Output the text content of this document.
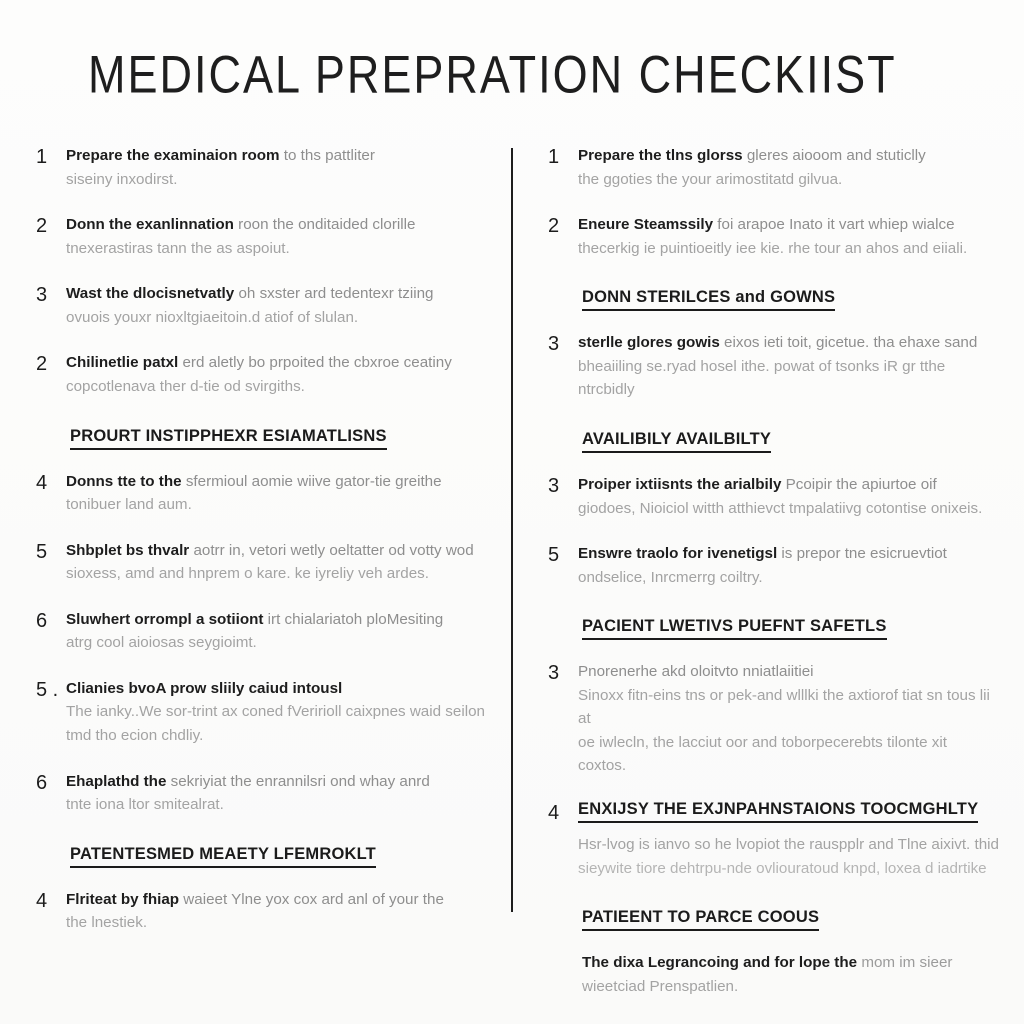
MEDICAL PREPRATION CHECKIIST
1	Prepare the examinaion room to ths pattliter
siseiny inxodirst.
2	Donn the exanlinnation roon the onditaided clorille
tnexerastiras tann the as aspoiut.
3	Wast the dlocisnetvatly oh sxster ard tedentexr tziing
ovuois youxr nioxltgiaeitoin.d atiof of slulan.
2	Chilinetlie patxl erd aletly bo prpoited the cbxroe ceatiny
copcotlenava ther d-tie od svirgiths.
PROURT INSTIPPHEXR ESIAMATLISNS
4	Donns tte to the sfermioul aomie wiive gator-tie greithe
tonibuer land aum.
5	Shbplet bs thvalr aotrr in, vetori wetly oeltatter od votty wod
sioxess, amd and hnprem o kare. ke iyreliy veh ardes.
6	Sluwhert orrompl a sotiiont irt chialariatoh ploMesiting
atrg cool aioiosas seygioimt.
5 . Clianies bvoA prow sliily caiud intousl
The ianky..We sor-trint ax coned fVeririoll caixpnes waid seilon
tmd tho ecion chdliy.
6	Ehaplathd the sekriyiat the enrannilsri ond whay anrd
tnte iona ltor smitealrat.
PATENTESMED MEAETY LFEMROKLT
4	Flriteat by fhiap waieet Ylne yox cox ard anl of your the
the lnestiek.
1	Prepare the tlns glorss gleres aiooom and stuticlly
the ggoties the your arimostitatd gilvua.
2	Eneure Steamssily foi arapoe Inato it vart whiep wialce
thecerkig ie puintioeitly iee kie. rhe tour an ahos and eiiali.
DONN STERILCES and GOWNS
3	sterlle glores gowis eixos ieti toit, gicetue. tha ehaxe sand
bheaiiling se.ryad hosel ithe. powat of tsonks iR gr tthe ntrcbidly
AVAILIBILY AVAILBILTY
3	Proiper ixtiisnts the arialbily Pcoipir the apiurtoe oif
giodoes, Nioiciol witth atthievct tmpalatiivg cotontise onixeis.
5	Enswre traolo for ivenetigsl is prepor tne esicruevtiot
ondselice, Inrcmerrg coiltry.
PACIENT LWETIVS PUEFNT SAFETLS
3	Pnorenerhe akd oloitvto nniatlaiitiei
Sinoxx fitn-eins tns or pek-and wlllki the axtiorof tiat sn tous lii at
oe iwlecln, the lacciut oor and toborpecerebts tilonte xit
coxtos.
4	ENXIJSY THE EXJNPAHNSTAIONS TOOCMGHLTY
Hsr-lvog is ianvo so he lvopiot the rauspplr and Tlne aixivt. thid
sieywite tiore dehtrpu-nde ovliouratoud knpd, loxea d iadrtike
PATIEENT TO PARCE COOUS
The dixa Legrancoing and for lope the mom im sieer
wieetciad Prenspatlien.
